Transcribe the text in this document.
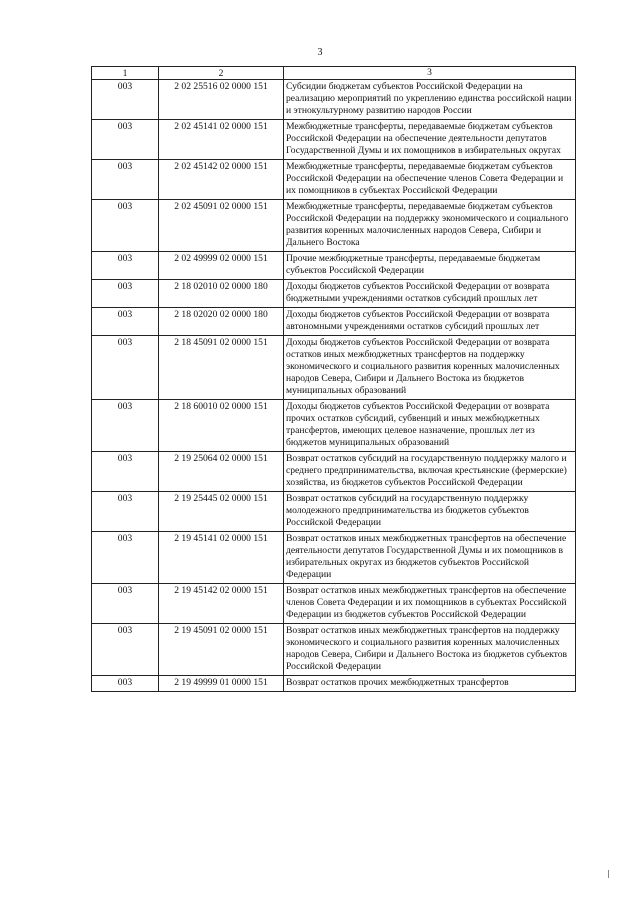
3
1	2	3
003	2 02 25516 02 0000 151	Субсидии бюджетам субъектов Российской Федерации на реализацию мероприятий по укреплению единства российской нации и этнокультурному развитию народов России
003	2 02 45141 02 0000 151	Межбюджетные трансферты, передаваемые бюджетам субъектов Российской Федерации на обеспечение деятельности депутатов Государственной Думы и их помощников в избирательных округах
003	2 02 45142 02 0000 151	Межбюджетные трансферты, передаваемые бюджетам субъектов Российской Федерации на обеспечение членов Совета Федерации и их помощников в субъектах Российской Федерации
003	2 02 45091 02 0000 151	Межбюджетные трансферты, передаваемые бюджетам субъектов Российской Федерации на поддержку экономического и социального развития коренных малочисленных народов Севера, Сибири и Дальнего Востока
003	2 02 49999 02 0000 151	Прочие межбюджетные трансферты, передаваемые бюджетам субъектов Российской Федерации
003	2 18 02010 02 0000 180	Доходы бюджетов субъектов Российской Федерации от возврата бюджетными учреждениями остатков субсидий прошлых лет
003	2 18 02020 02 0000 180	Доходы бюджетов субъектов Российской Федерации от возврата автономными учреждениями остатков субсидий прошлых лет
003	2 18 45091 02 0000 151	Доходы бюджетов субъектов Российской Федерации от возврата остатков иных межбюджетных трансфертов на поддержку экономического и социального развития коренных малочисленных народов Севера, Сибири и Дальнего Востока из бюджетов муниципальных образований
003	2 18 60010 02 0000 151	Доходы бюджетов субъектов Российской Федерации от возврата прочих остатков субсидий, субвенций и иных межбюджетных трансфертов, имеющих целевое назначение, прошлых лет из бюджетов муниципальных образований
003	2 19 25064 02 0000 151	Возврат остатков субсидий на государственную поддержку малого и среднего предпринимательства, включая крестьянские (фермерские) хозяйства, из бюджетов субъектов Российской Федерации
003	2 19 25445 02 0000 151	Возврат остатков субсидий на государственную поддержку молодежного предпринимательства из бюджетов субъектов Российской Федерации
003	2 19 45141 02 0000 151	Возврат остатков иных межбюджетных трансфертов на обеспечение деятельности депутатов Государственной Думы и их помощников в избирательных округах из бюджетов субъектов Российской Федерации
003	2 19 45142 02 0000 151	Возврат остатков иных межбюджетных трансфертов на обеспечение членов Совета Федерации и их помощников в субъектах Российской Федерации из бюджетов субъектов Российской Федерации
003	2 19 45091 02 0000 151	Возврат остатков иных межбюджетных трансфертов на поддержку экономического и социального развития коренных малочисленных народов Севера, Сибири и Дальнего Востока из бюджетов субъектов Российской Федерации
003	2 19 49999 01 0000 151	Возврат остатков прочих межбюджетных трансфертов
